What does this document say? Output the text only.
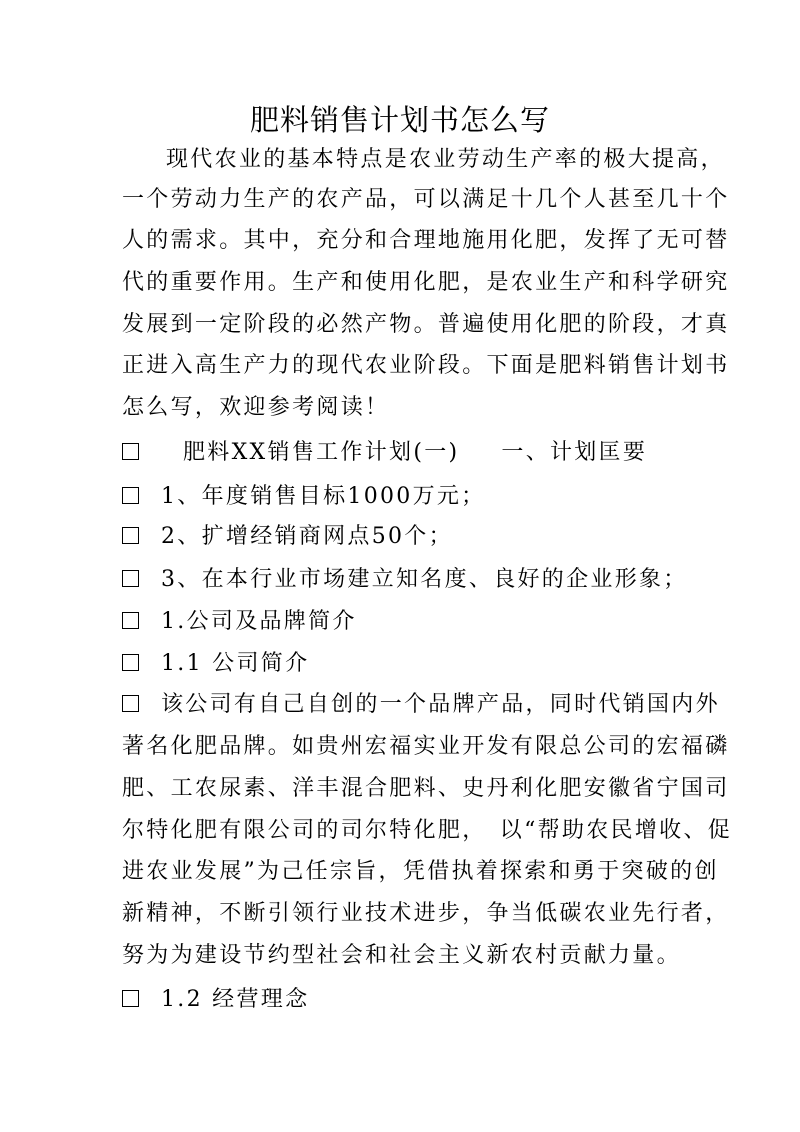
肥料销售计划书怎么写
现代农业的基本特点是农业劳动生产率的极大提高，
一个劳动力生产的农产品，可以满足十几个人甚至几十个
人的需求。其中，充分和合理地施用化肥，发挥了无可替
代的重要作用。生产和使用化肥，是农业生产和科学研究
发展到一定阶段的必然产物。普遍使用化肥的阶段，才真
正进入高生产力的现代农业阶段。下面是肥料销售计划书
怎么写，欢迎参考阅读！
肥料XX销售工作计划(一) 一、计划匡要
1、年度销售目标1000万元；
2、扩增经销商网点50个；
3、在本行业市场建立知名度、良好的企业形象；
1.公司及品牌简介
1.1 公司简介
该公司有自己自创的一个品牌产品，同时代销国内外
著名化肥品牌。如贵州宏福实业开发有限总公司的宏福磷
肥、工农尿素、洋丰混合肥料、史丹利化肥安徽省宁国司
尔特化肥有限公司的司尔特化肥，　以“帮助农民增收、促
进农业发展”为己任宗旨，凭借执着探索和勇于突破的创
新精神，不断引领行业技术进步，争当低碳农业先行者，
努为为建设节约型社会和社会主义新农村贡献力量。
1.2 经营理念
